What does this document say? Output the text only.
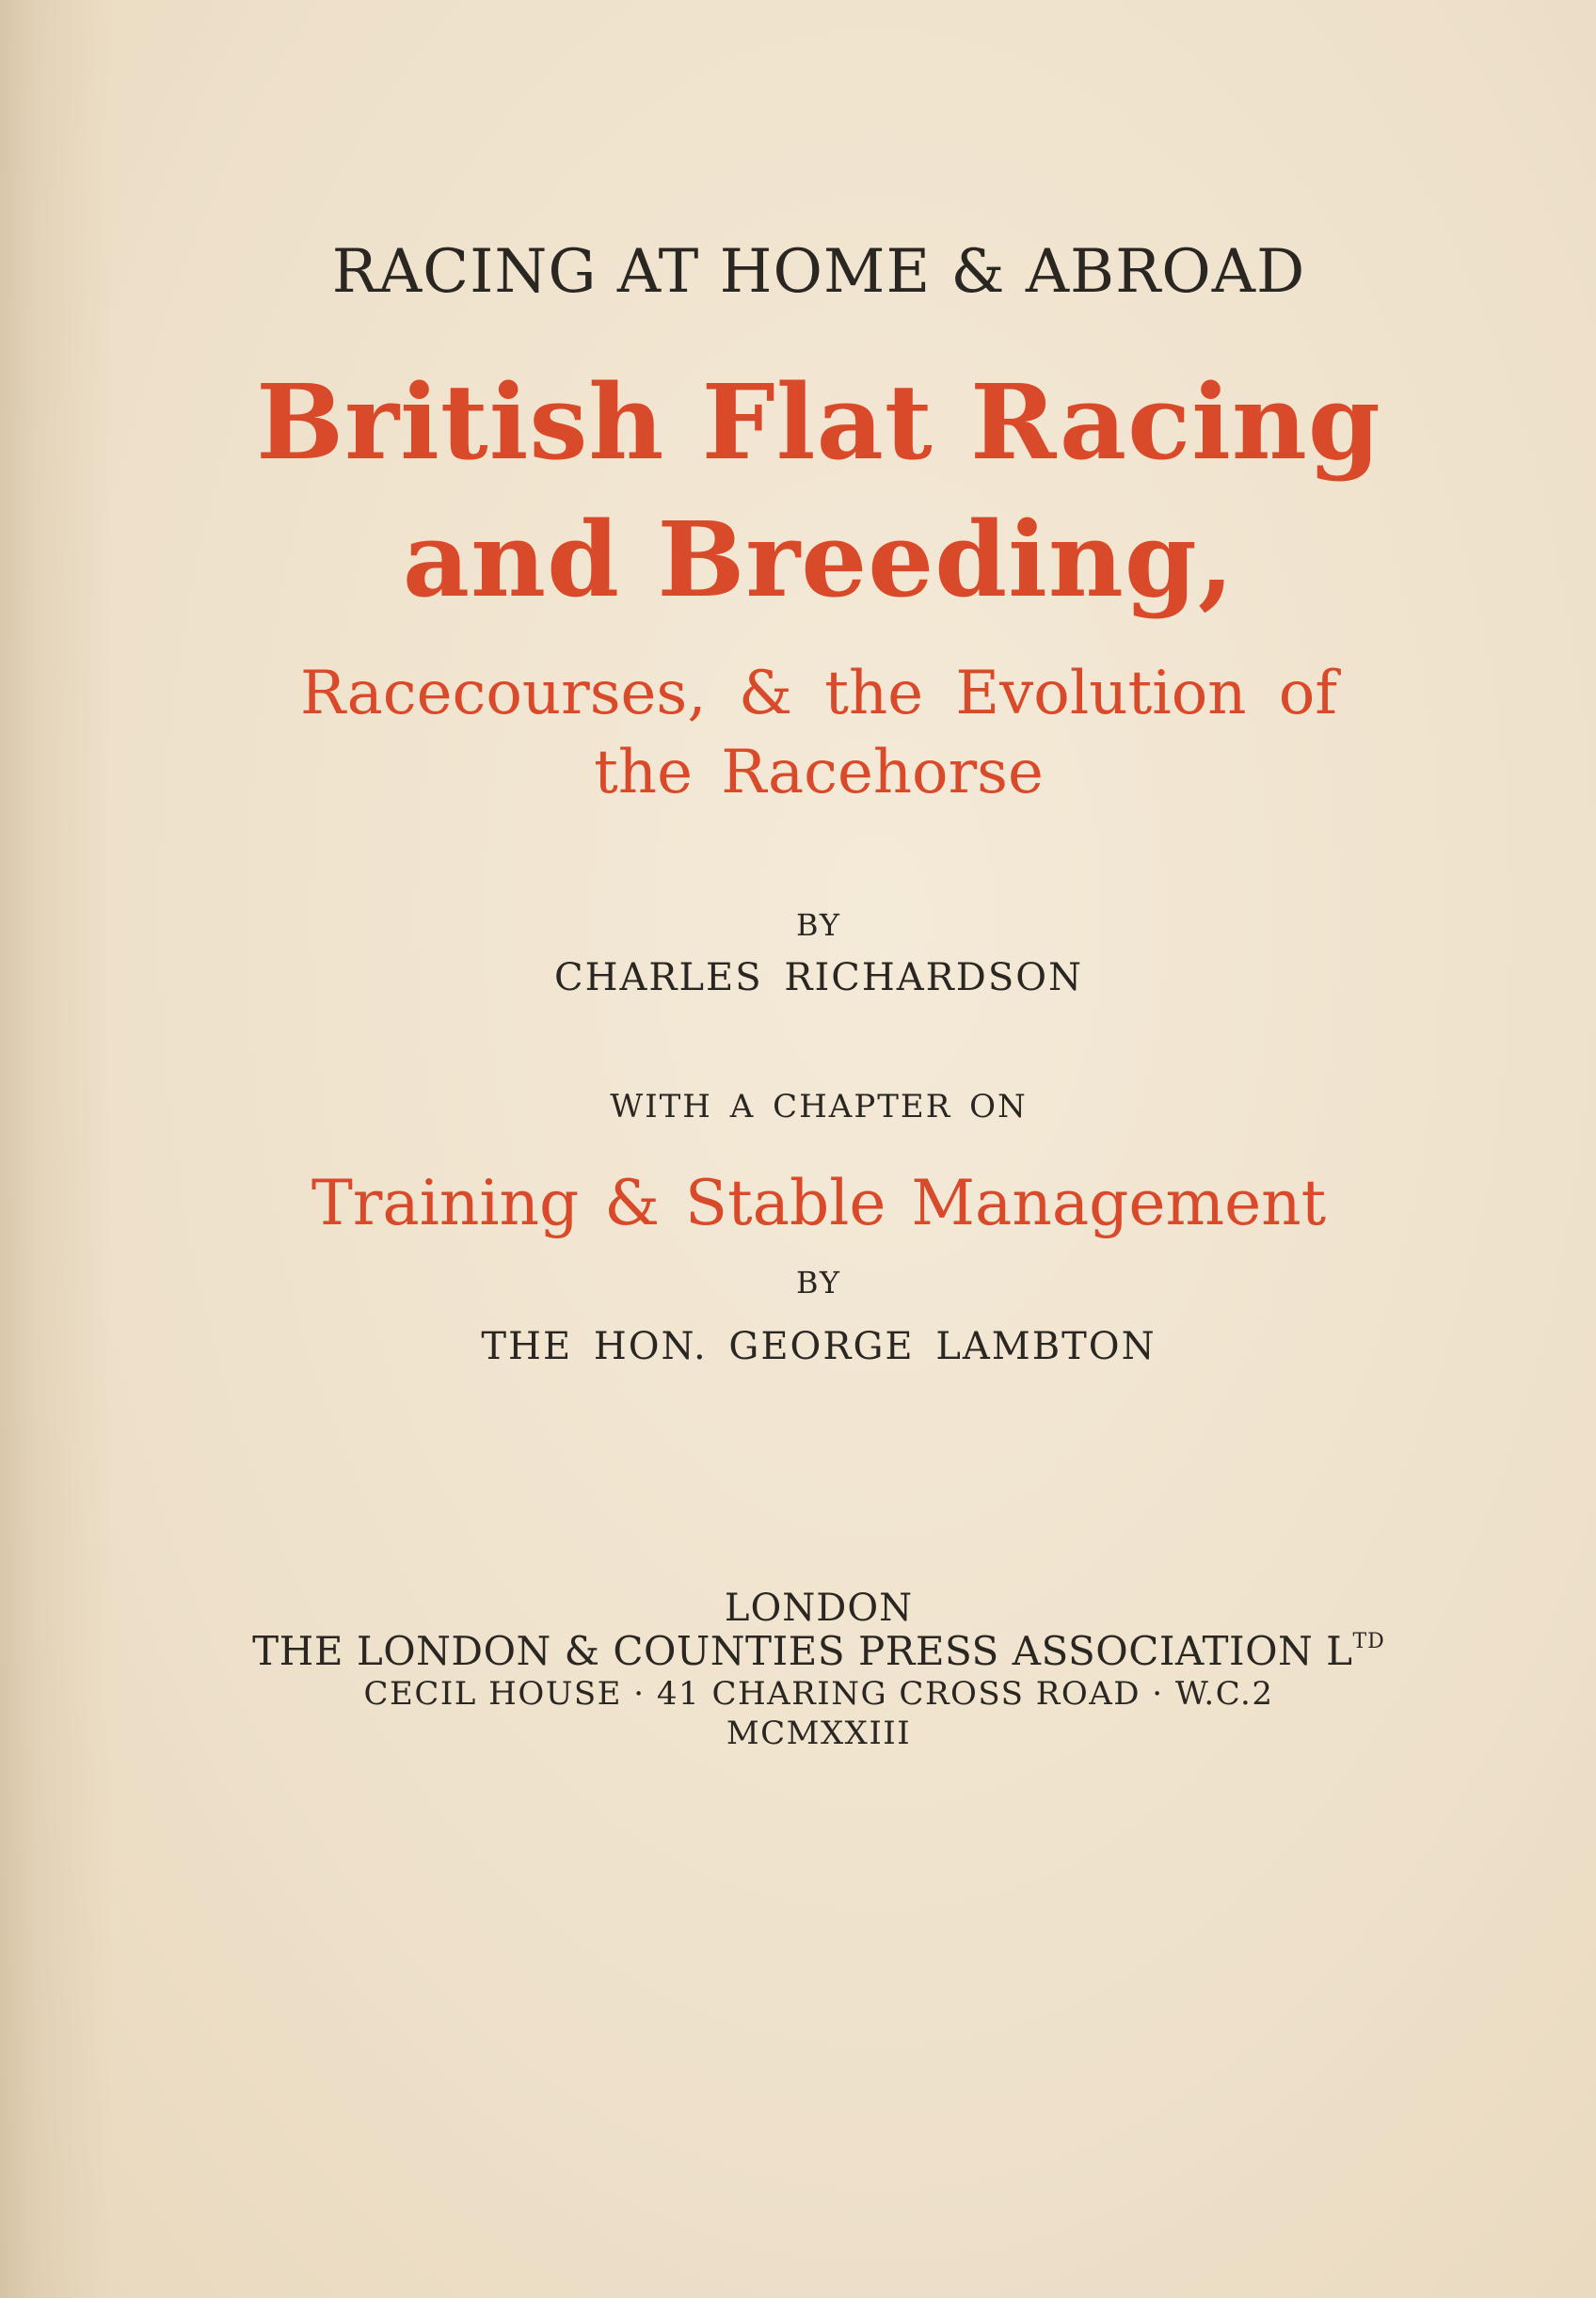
RACING AT HOME & ABROAD

British Flat Racing

and Breeding,

Racecourses, & the Evolution of

the Racehorse

BY

CHARLES RICHARDSON

WITH A CHAPTER ON

Training & Stable Management

BY

THE HON. GEORGE LAMBTON

LONDON

THE LONDON & COUNTIES PRESS ASSOCIATION $L^{TD}$

CECIL HOUSE · 41 CHARING CROSS ROAD · W.C.2

MCMXXIII
